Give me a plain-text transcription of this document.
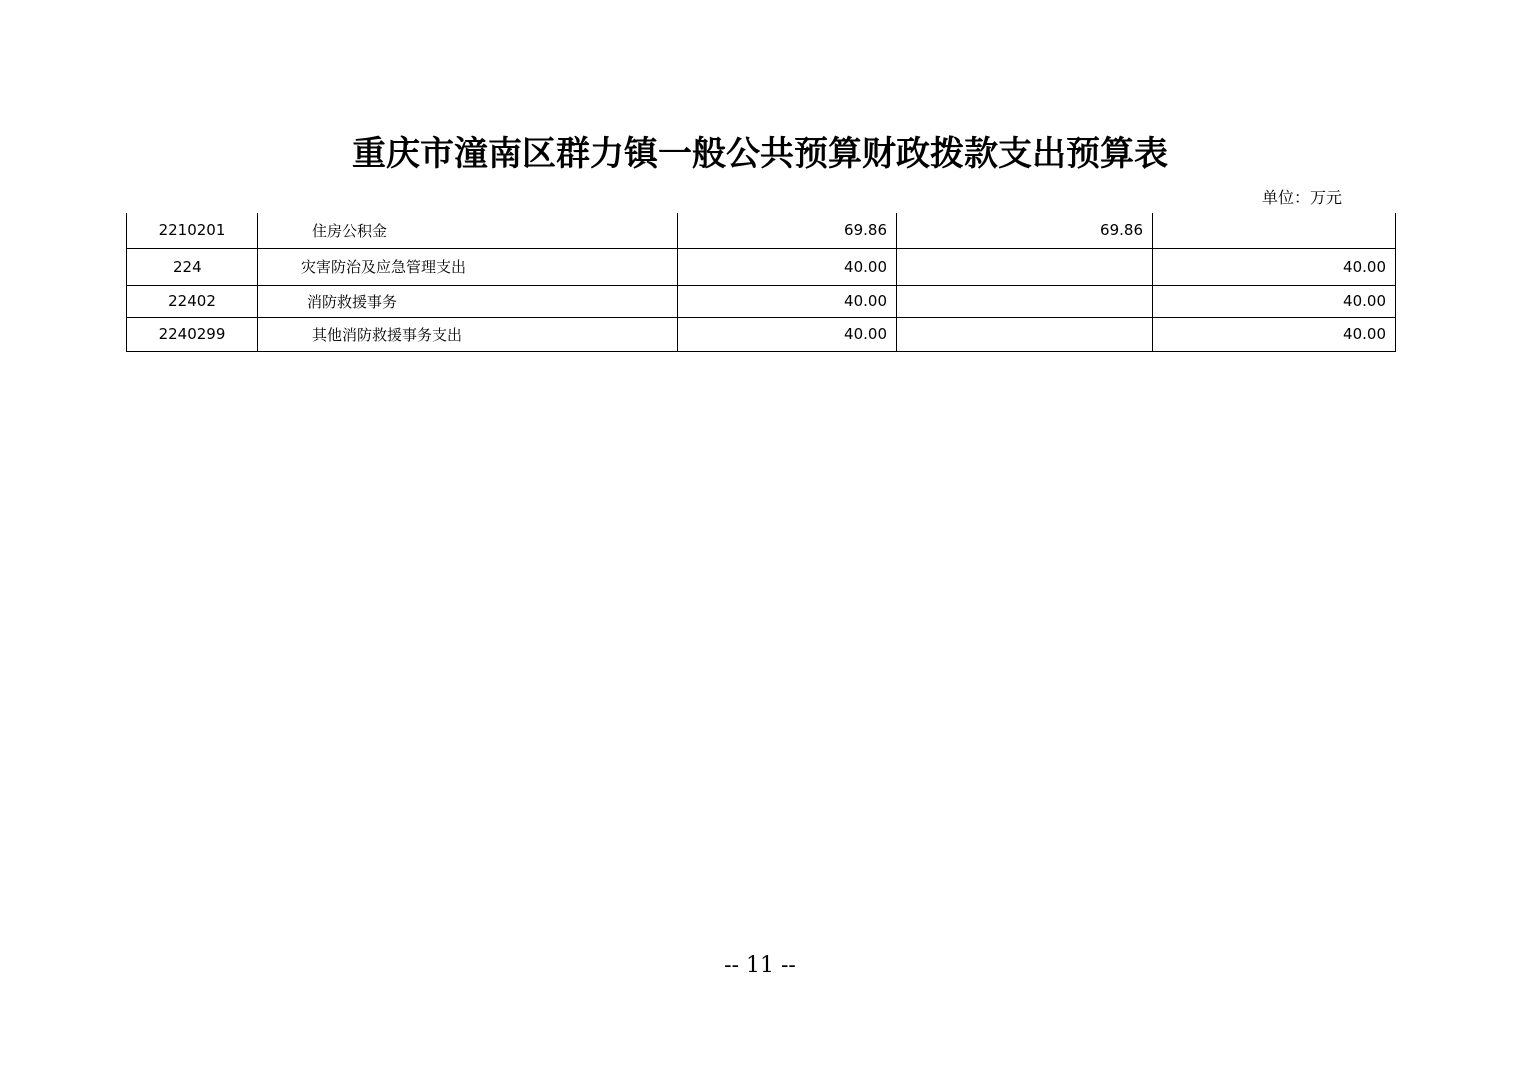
重庆市潼南区群力镇一般公共预算财政拨款支出预算表
单位：万元
2210201	住房公积金	69.86	69.86	
224	灾害防治及应急管理支出	40.00		40.00
22402	消防救援事务	40.00		40.00
2240299	其他消防救援事务支出	40.00		40.00
-- 11 --
